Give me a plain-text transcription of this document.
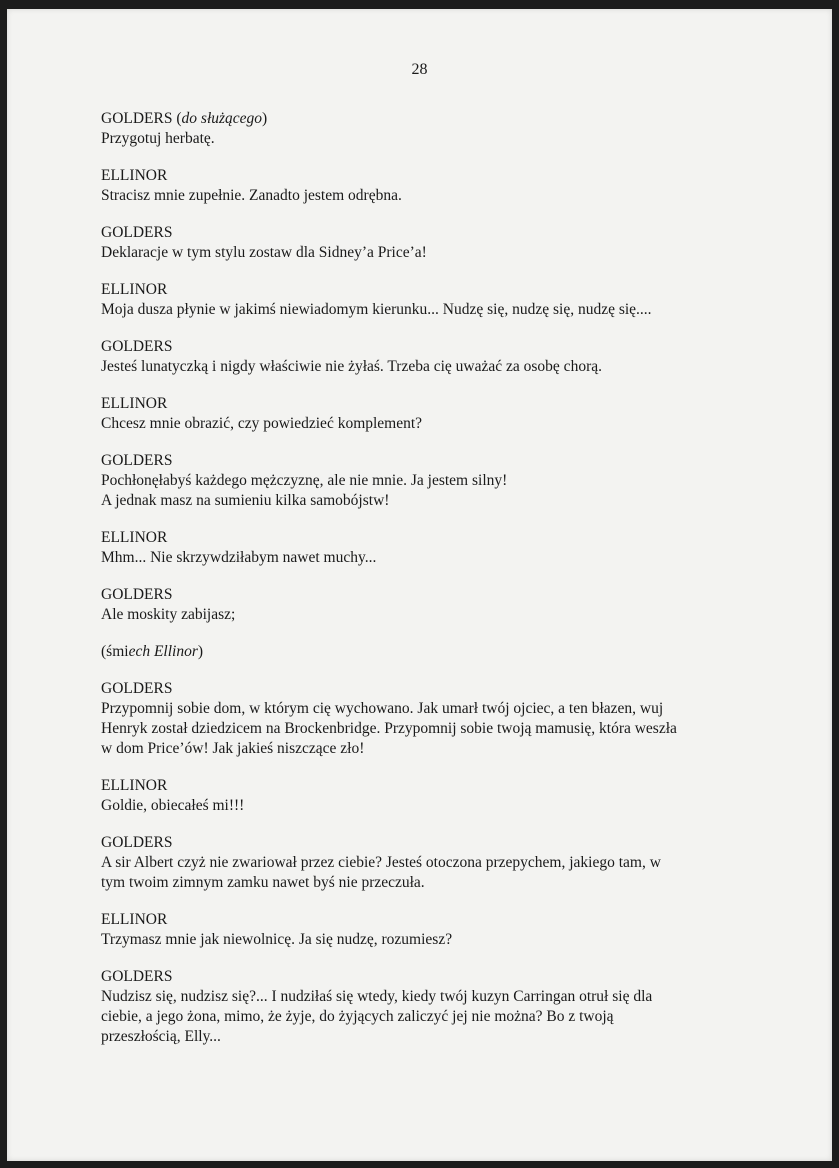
28
GOLDERS (do służącego)
Przygotuj herbatę.
ELLINOR
Stracisz mnie zupełnie. Zanadto jestem odrębna.
GOLDERS
Deklaracje w tym stylu zostaw dla Sidney’a Price’a!
ELLINOR
Moja dusza płynie w jakimś niewiadomym kierunku... Nudzę się, nudzę się, nudzę się....
GOLDERS
Jesteś lunatyczką i nigdy właściwie nie żyłaś. Trzeba cię uważać za osobę chorą.
ELLINOR
Chcesz mnie obrazić, czy powiedzieć komplement?
GOLDERS
Pochłonęłabyś każdego mężczyznę, ale nie mnie. Ja jestem silny!
A jednak masz na sumieniu kilka samobójstw!
ELLINOR
Mhm... Nie skrzywdziłabym nawet muchy...
GOLDERS
Ale moskity zabijasz;
(śmiech Ellinor)
GOLDERS
Przypomnij sobie dom, w którym cię wychowano. Jak umarł twój ojciec, a ten błazen, wuj
Henryk został dziedzicem na Brockenbridge. Przypomnij sobie twoją mamusię, która weszła
w dom Price’ów! Jak jakieś niszczące zło!
ELLINOR
Goldie, obiecałeś mi!!!
GOLDERS
A sir Albert czyż nie zwariował przez ciebie? Jesteś otoczona przepychem, jakiego tam, w
tym twoim zimnym zamku nawet byś nie przeczuła.
ELLINOR
Trzymasz mnie jak niewolnicę. Ja się nudzę, rozumiesz?
GOLDERS
Nudzisz się, nudzisz się?... I nudziłaś się wtedy, kiedy twój kuzyn Carringan otruł się dla
ciebie, a jego żona, mimo, że żyje, do żyjących zaliczyć jej nie można? Bo z twoją
przeszłością, Elly...
